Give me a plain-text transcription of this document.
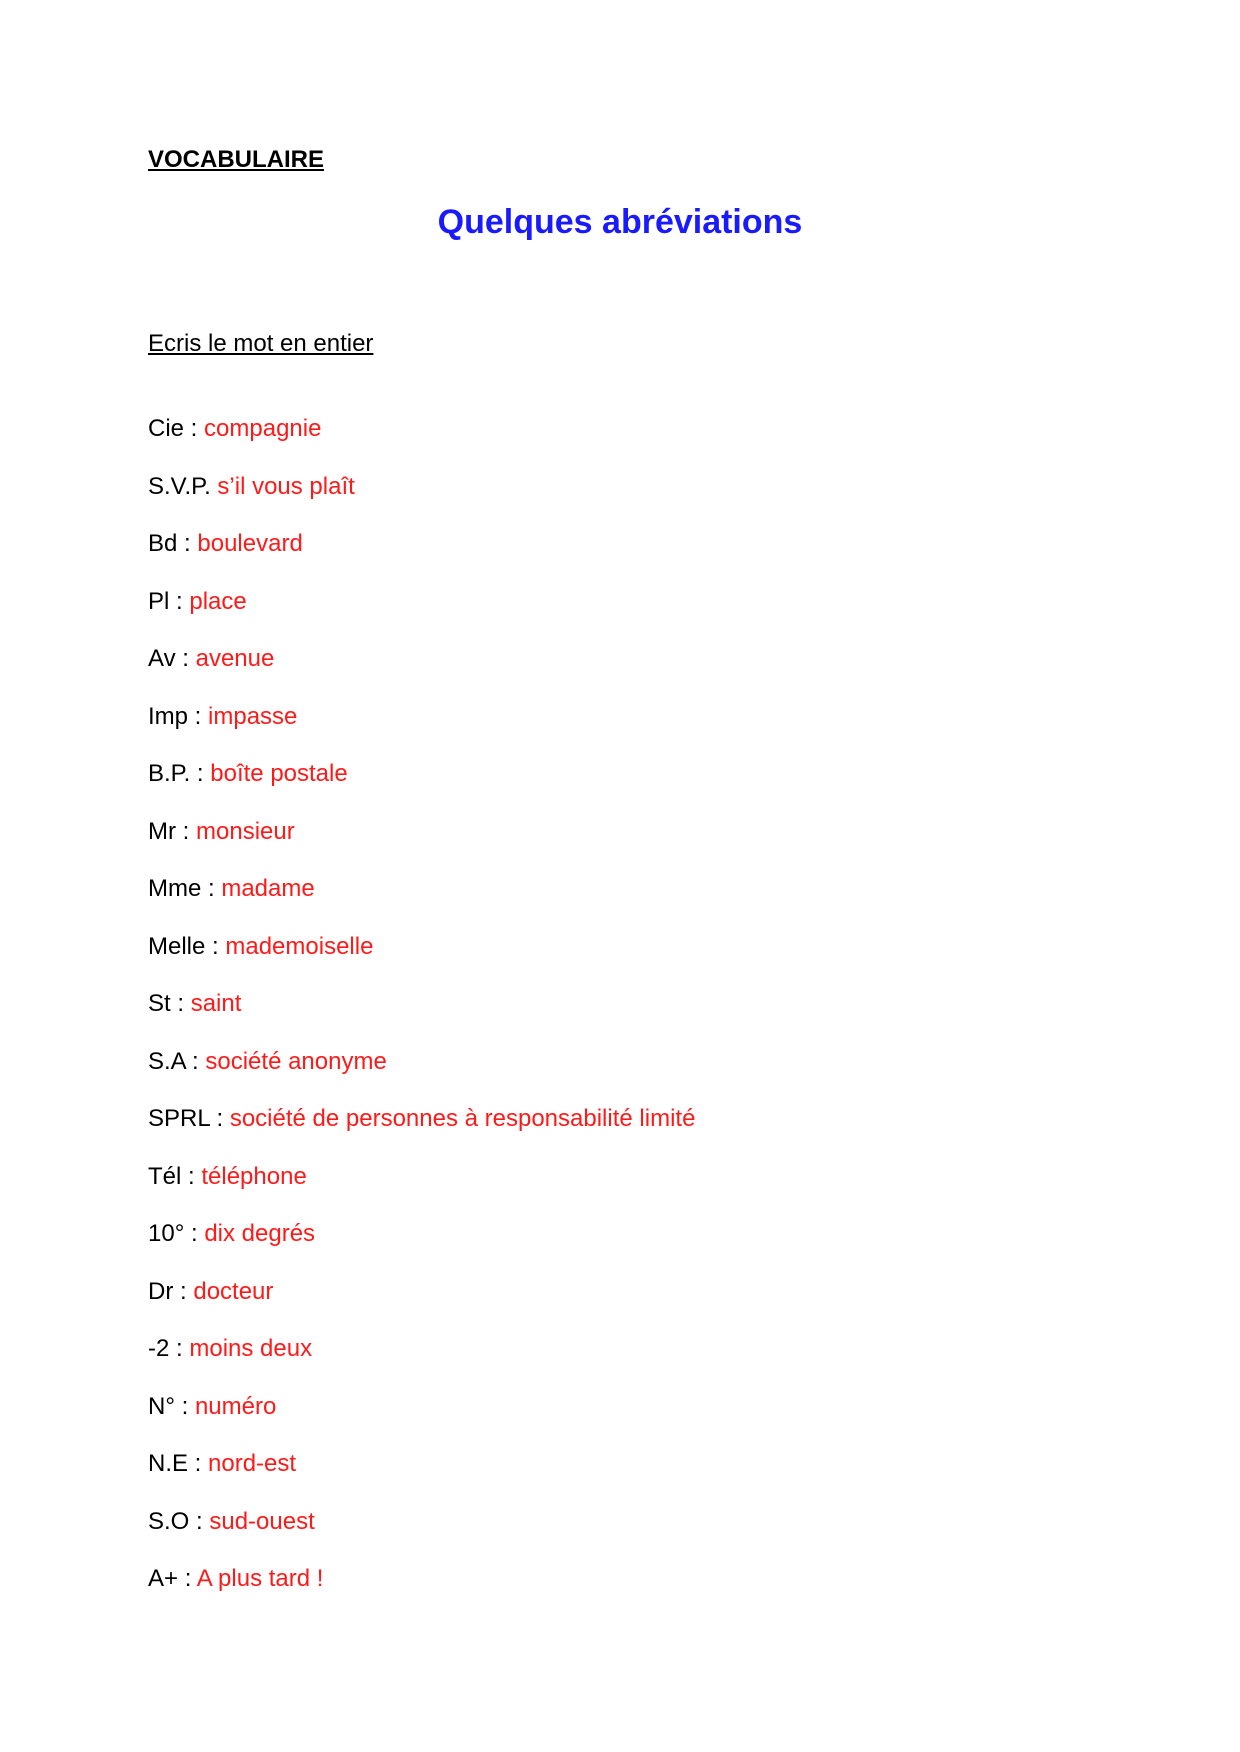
VOCABULAIRE
Quelques abréviations
Ecris le mot en entier
Cie : compagnie
S.V.P. s’il vous plaît
Bd : boulevard
Pl : place
Av : avenue
Imp : impasse
B.P. : boîte postale
Mr : monsieur
Mme : madame
Melle : mademoiselle
St : saint
S.A : société anonyme
SPRL : société de personnes à responsabilité limité
Tél : téléphone
10° : dix degrés
Dr : docteur
-2 : moins deux
N° : numéro
N.E : nord-est
S.O : sud-ouest
A+ : A plus tard !
